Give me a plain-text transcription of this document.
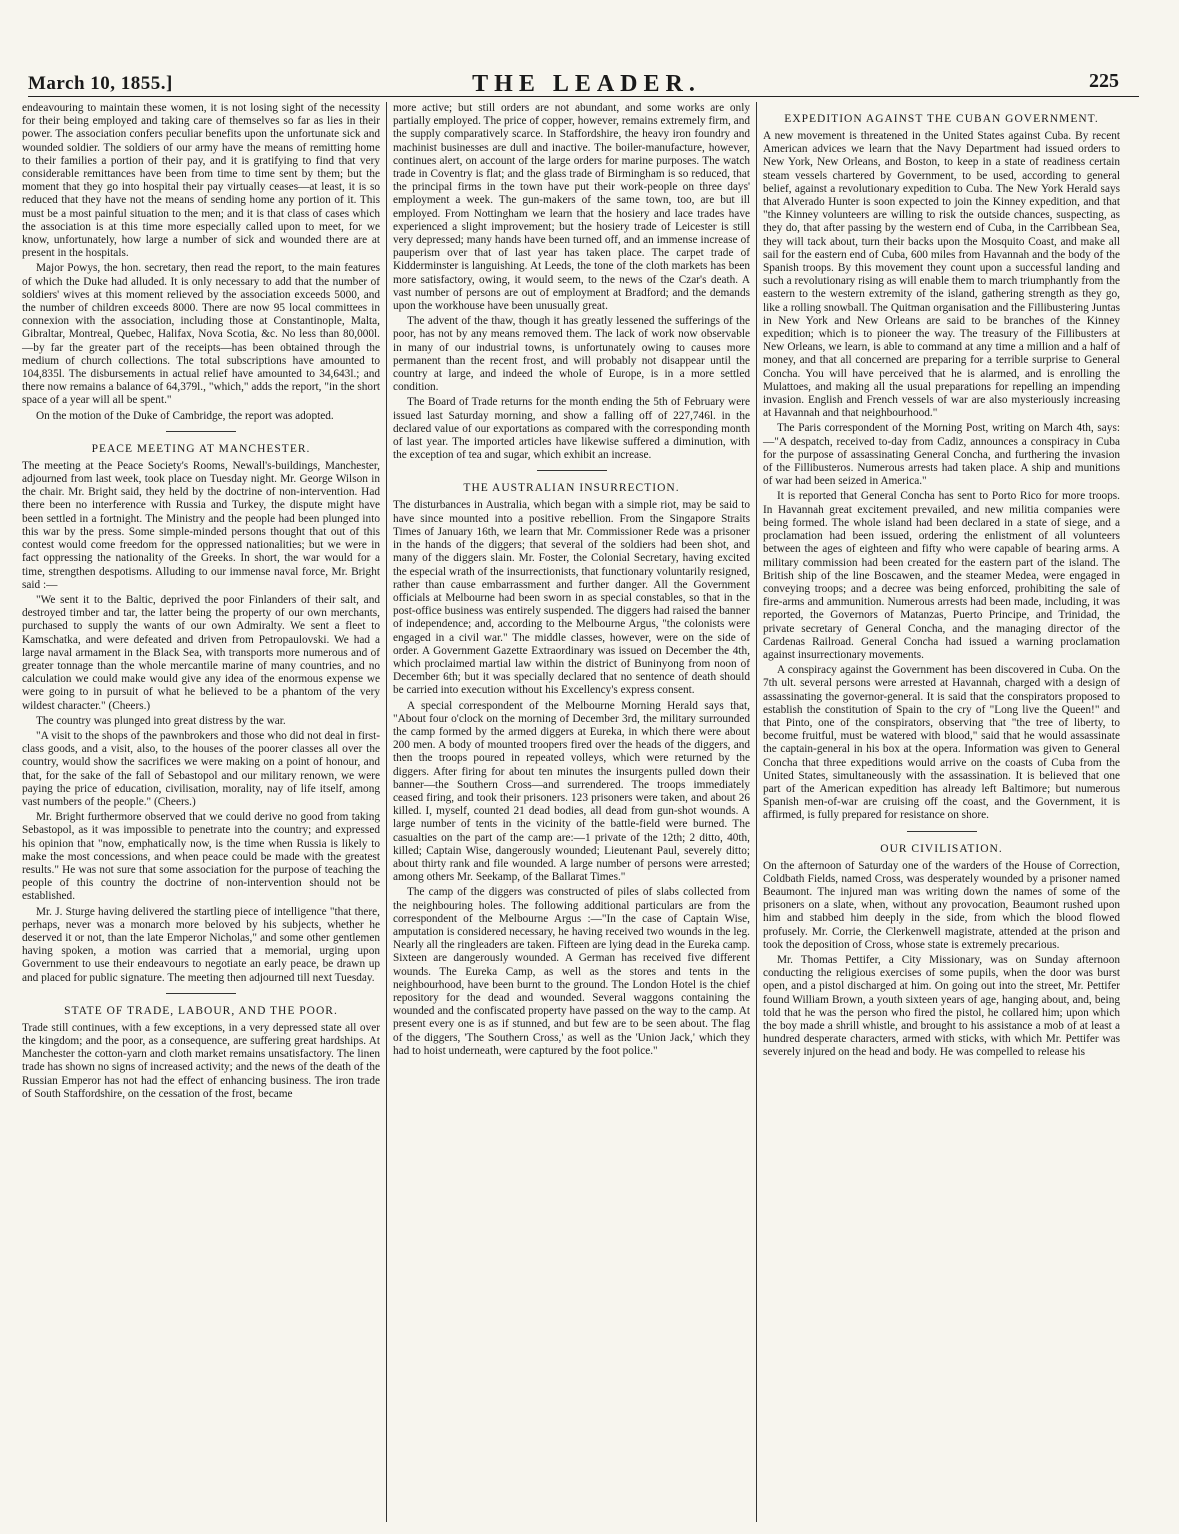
March 10, 1855.]	THE LEADER.	225

endeavouring to maintain these women, it is not losing sight of the necessity for their being employed and taking care of themselves so far as lies in their power. The association confers peculiar benefits upon the unfortunate sick and wounded soldier. The soldiers of our army have the means of remitting home to their families a portion of their pay, and it is gratifying to find that very considerable remittances have been from time to time sent by them; but the moment that they go into hospital their pay virtually ceases—at least, it is so reduced that they have not the means of sending home any portion of it. This must be a most painful situation to the men; and it is that class of cases which the association is at this time more especially called upon to meet, for we know, unfortunately, how large a number of sick and wounded there are at present in the hospitals.

Major Powys, the hon. secretary, then read the report, to the main features of which the Duke had alluded. It is only necessary to add that the number of soldiers' wives at this moment relieved by the association exceeds 5000, and the number of children exceeds 8000. There are now 95 local committees in connexion with the association, including those at Constantinople, Malta, Gibraltar, Montreal, Quebec, Halifax, Nova Scotia, &c. No less than 80,000l.—by far the greater part of the receipts—has been obtained through the medium of church collections. The total subscriptions have amounted to 104,835l. The disbursements in actual relief have amounted to 34,643l.; and there now remains a balance of 64,379l., "which," adds the report, "in the short space of a year will all be spent."

On the motion of the Duke of Cambridge, the report was adopted.

PEACE MEETING AT MANCHESTER.

The meeting at the Peace Society's Rooms, Newall's-buildings, Manchester, adjourned from last week, took place on Tuesday night. Mr. George Wilson in the chair. Mr. Bright said, they held by the doctrine of non-intervention. Had there been no interference with Russia and Turkey, the dispute might have been settled in a fortnight. The Ministry and the people had been plunged into this war by the press. Some simple-minded persons thought that out of this contest would come freedom for the oppressed nationalities; but we were in fact oppressing the nationality of the Greeks. In short, the war would for a time, strengthen despotisms. Alluding to our immense naval force, Mr. Bright said :—

"We sent it to the Baltic, deprived the poor Finlanders of their salt, and destroyed timber and tar, the latter being the property of our own merchants, purchased to supply the wants of our own Admiralty. We sent a fleet to Kamschatka, and were defeated and driven from Petropaulovski. We had a large naval armament in the Black Sea, with transports more numerous and of greater tonnage than the whole mercantile marine of many countries, and no calculation we could make would give any idea of the enormous expense we were going to in pursuit of what he believed to be a phantom of the very wildest character." (Cheers.)

The country was plunged into great distress by the war.

"A visit to the shops of the pawnbrokers and those who did not deal in first-class goods, and a visit, also, to the houses of the poorer classes all over the country, would show the sacrifices we were making on a point of honour, and that, for the sake of the fall of Sebastopol and our military renown, we were paying the price of education, civilisation, morality, nay of life itself, among vast numbers of the people." (Cheers.)

Mr. Bright furthermore observed that we could derive no good from taking Sebastopol, as it was impossible to penetrate into the country; and expressed his opinion that "now, emphatically now, is the time when Russia is likely to make the most concessions, and when peace could be made with the greatest results." He was not sure that some association for the purpose of teaching the people of this country the doctrine of non-intervention should not be established.

Mr. J. Sturge having delivered the startling piece of intelligence "that there, perhaps, never was a monarch more beloved by his subjects, whether he deserved it or not, than the late Emperor Nicholas," and some other gentlemen having spoken, a motion was carried that a memorial, urging upon Government to use their endeavours to negotiate an early peace, be drawn up and placed for public signature. The meeting then adjourned till next Tuesday.

STATE OF TRADE, LABOUR, AND THE POOR.

Trade still continues, with a few exceptions, in a very depressed state all over the kingdom; and the poor, as a consequence, are suffering great hardships. At Manchester the cotton-yarn and cloth market remains unsatisfactory. The linen trade has shown no signs of increased activity; and the news of the death of the Russian Emperor has not had the effect of enhancing business. The iron trade of South Staffordshire, on the cessation of the frost, became

more active; but still orders are not abundant, and some works are only partially employed. The price of copper, however, remains extremely firm, and the supply comparatively scarce. In Staffordshire, the heavy iron foundry and machinist businesses are dull and inactive. The boiler-manufacture, however, continues alert, on account of the large orders for marine purposes. The watch trade in Coventry is flat; and the glass trade of Birmingham is so reduced, that the principal firms in the town have put their work-people on three days' employment a week. The gun-makers of the same town, too, are but ill employed. From Nottingham we learn that the hosiery and lace trades have experienced a slight improvement; but the hosiery trade of Leicester is still very depressed; many hands have been turned off, and an immense increase of pauperism over that of last year has taken place. The carpet trade of Kidderminster is languishing. At Leeds, the tone of the cloth markets has been more satisfactory, owing, it would seem, to the news of the Czar's death. A vast number of persons are out of employment at Bradford; and the demands upon the workhouse have been unusually great.

The advent of the thaw, though it has greatly lessened the sufferings of the poor, has not by any means removed them. The lack of work now observable in many of our industrial towns, is unfortunately owing to causes more permanent than the recent frost, and will probably not disappear until the country at large, and indeed the whole of Europe, is in a more settled condition.

The Board of Trade returns for the month ending the 5th of February were issued last Saturday morning, and show a falling off of 227,746l. in the declared value of our exportations as compared with the corresponding month of last year. The imported articles have likewise suffered a diminution, with the exception of tea and sugar, which exhibit an increase.

THE AUSTRALIAN INSURRECTION.

The disturbances in Australia, which began with a simple riot, may be said to have since mounted into a positive rebellion. From the Singapore Straits Times of January 16th, we learn that Mr. Commissioner Rede was a prisoner in the hands of the diggers; that several of the soldiers had been shot, and many of the diggers slain. Mr. Foster, the Colonial Secretary, having excited the especial wrath of the insurrectionists, that functionary voluntarily resigned, rather than cause embarrassment and further danger. All the Government officials at Melbourne had been sworn in as special constables, so that in the post-office business was entirely suspended. The diggers had raised the banner of independence; and, according to the Melbourne Argus, "the colonists were engaged in a civil war." The middle classes, however, were on the side of order. A Government Gazette Extraordinary was issued on December the 4th, which proclaimed martial law within the district of Buninyong from noon of December 6th; but it was specially declared that no sentence of death should be carried into execution without his Excellency's express consent.

A special correspondent of the Melbourne Morning Herald says that, "About four o'clock on the morning of December 3rd, the military surrounded the camp formed by the armed diggers at Eureka, in which there were about 200 men. A body of mounted troopers fired over the heads of the diggers, and then the troops poured in repeated volleys, which were returned by the diggers. After firing for about ten minutes the insurgents pulled down their banner—the Southern Cross—and surrendered. The troops immediately ceased firing, and took their prisoners. 123 prisoners were taken, and about 26 killed. I, myself, counted 21 dead bodies, all dead from gun-shot wounds. A large number of tents in the vicinity of the battle-field were burned. The casualties on the part of the camp are:—1 private of the 12th; 2 ditto, 40th, killed; Captain Wise, dangerously wounded; Lieutenant Paul, severely ditto; about thirty rank and file wounded. A large number of persons were arrested; among others Mr. Seekamp, of the Ballarat Times."

The camp of the diggers was constructed of piles of slabs collected from the neighbouring holes. The following additional particulars are from the correspondent of the Melbourne Argus :—"In the case of Captain Wise, amputation is considered necessary, he having received two wounds in the leg. Nearly all the ringleaders are taken. Fifteen are lying dead in the Eureka camp. Sixteen are dangerously wounded. A German has received five different wounds. The Eureka Camp, as well as the stores and tents in the neighbourhood, have been burnt to the ground. The London Hotel is the chief repository for the dead and wounded. Several waggons containing the wounded and the confiscated property have passed on the way to the camp. At present every one is as if stunned, and but few are to be seen about. The flag of the diggers, 'The Southern Cross,' as well as the 'Union Jack,' which they had to hoist underneath, were captured by the foot police."

EXPEDITION AGAINST THE CUBAN GOVERNMENT.

A new movement is threatened in the United States against Cuba. By recent American advices we learn that the Navy Department had issued orders to New York, New Orleans, and Boston, to keep in a state of readiness certain steam vessels chartered by Government, to be used, according to general belief, against a revolutionary expedition to Cuba. The New York Herald says that Alverado Hunter is soon expected to join the Kinney expedition, and that "the Kinney volunteers are willing to risk the outside chances, suspecting, as they do, that after passing by the western end of Cuba, in the Carribbean Sea, they will tack about, turn their backs upon the Mosquito Coast, and make all sail for the eastern end of Cuba, 600 miles from Havannah and the body of the Spanish troops. By this movement they count upon a successful landing and such a revolutionary rising as will enable them to march triumphantly from the eastern to the western extremity of the island, gathering strength as they go, like a rolling snowball. The Quitman organisation and the Fillibustering Juntas in New York and New Orleans are said to be branches of the Kinney expedition; which is to pioneer the way. The treasury of the Fillibusters at New Orleans, we learn, is able to command at any time a million and a half of money, and that all concerned are preparing for a terrible surprise to General Concha. You will have perceived that he is alarmed, and is enrolling the Mulattoes, and making all the usual preparations for repelling an impending invasion. English and French vessels of war are also mysteriously increasing at Havannah and that neighbourhood."

The Paris correspondent of the Morning Post, writing on March 4th, says:—"A despatch, received to-day from Cadiz, announces a conspiracy in Cuba for the purpose of assassinating General Concha, and furthering the invasion of the Fillibusteros. Numerous arrests had taken place. A ship and munitions of war had been seized in America."

It is reported that General Concha has sent to Porto Rico for more troops. In Havannah great excitement prevailed, and new militia companies were being formed. The whole island had been declared in a state of siege, and a proclamation had been issued, ordering the enlistment of all volunteers between the ages of eighteen and fifty who were capable of bearing arms. A military commission had been created for the eastern part of the island. The British ship of the line Boscawen, and the steamer Medea, were engaged in conveying troops; and a decree was being enforced, prohibiting the sale of fire-arms and ammunition. Numerous arrests had been made, including, it was reported, the Governors of Matanzas, Puerto Principe, and Trinidad, the private secretary of General Concha, and the managing director of the Cardenas Railroad. General Concha had issued a warning proclamation against insurrectionary movements.

A conspiracy against the Government has been discovered in Cuba. On the 7th ult. several persons were arrested at Havannah, charged with a design of assassinating the governor-general. It is said that the conspirators proposed to establish the constitution of Spain to the cry of "Long live the Queen!" and that Pinto, one of the conspirators, observing that "the tree of liberty, to become fruitful, must be watered with blood," said that he would assassinate the captain-general in his box at the opera. Information was given to General Concha that three expeditions would arrive on the coasts of Cuba from the United States, simultaneously with the assassination. It is believed that one part of the American expedition has already left Baltimore; but numerous Spanish men-of-war are cruising off the coast, and the Government, it is affirmed, is fully prepared for resistance on shore.

OUR CIVILISATION.

On the afternoon of Saturday one of the warders of the House of Correction, Coldbath Fields, named Cross, was desperately wounded by a prisoner named Beaumont. The injured man was writing down the names of some of the prisoners on a slate, when, without any provocation, Beaumont rushed upon him and stabbed him deeply in the side, from which the blood flowed profusely. Mr. Corrie, the Clerkenwell magistrate, attended at the prison and took the deposition of Cross, whose state is extremely precarious.

Mr. Thomas Pettifer, a City Missionary, was on Sunday afternoon conducting the religious exercises of some pupils, when the door was burst open, and a pistol discharged at him. On going out into the street, Mr. Pettifer found William Brown, a youth sixteen years of age, hanging about, and, being told that he was the person who fired the pistol, he collared him; upon which the boy made a shrill whistle, and brought to his assistance a mob of at least a hundred desperate characters, armed with sticks, with which Mr. Pettifer was severely injured on the head and body. He was compelled to release his
